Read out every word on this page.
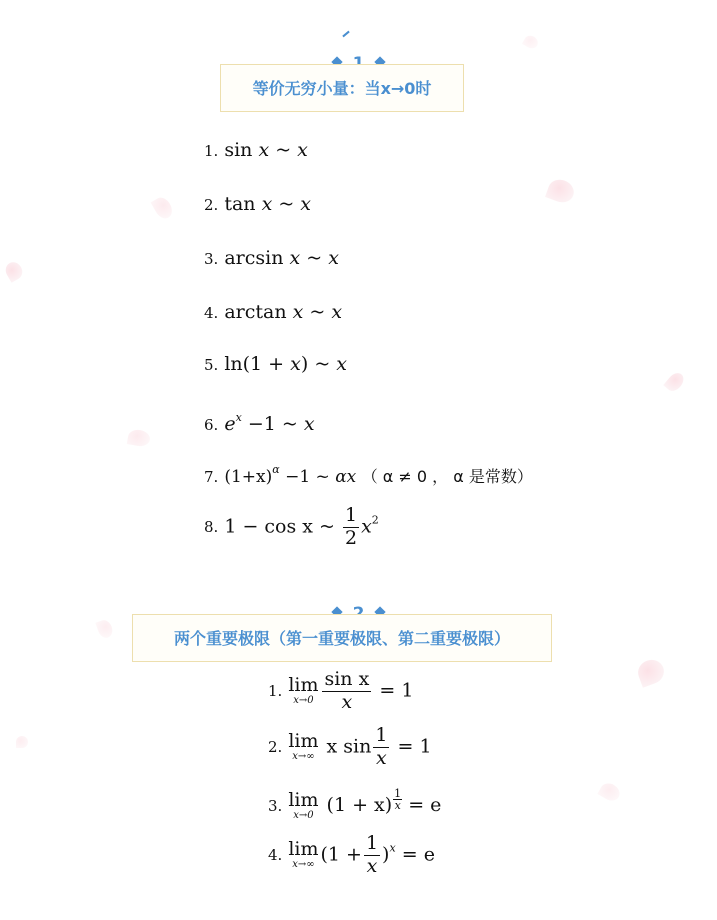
等价无穷小量：当x→0时
1. sin x ~ x
2. tan x ~ x
3. arcsin x ~ x
4. arctan x ~ x
5. ln(1 + x) ~ x
6. $e^x -1$ ~ x
7. $(1+x)^\alpha -1$ ~ αx （ α ≠ 0 ， α 是常数）
8. 1 − cos x ~ $\frac{1}{2} x^2$
两个重要极限（第一重要极限、第二重要极限）
1. lim
$x\to 0 \frac{\text{sin x}}{x} = 1$
2. lim
x→∞ x $\sin \frac{1}{x} = 1$
3. lim
x→0 $(1 + x) \frac{1}{x} = e$
4. lim
x→∞ $(1 + \frac{1}{x} )^x = e$
